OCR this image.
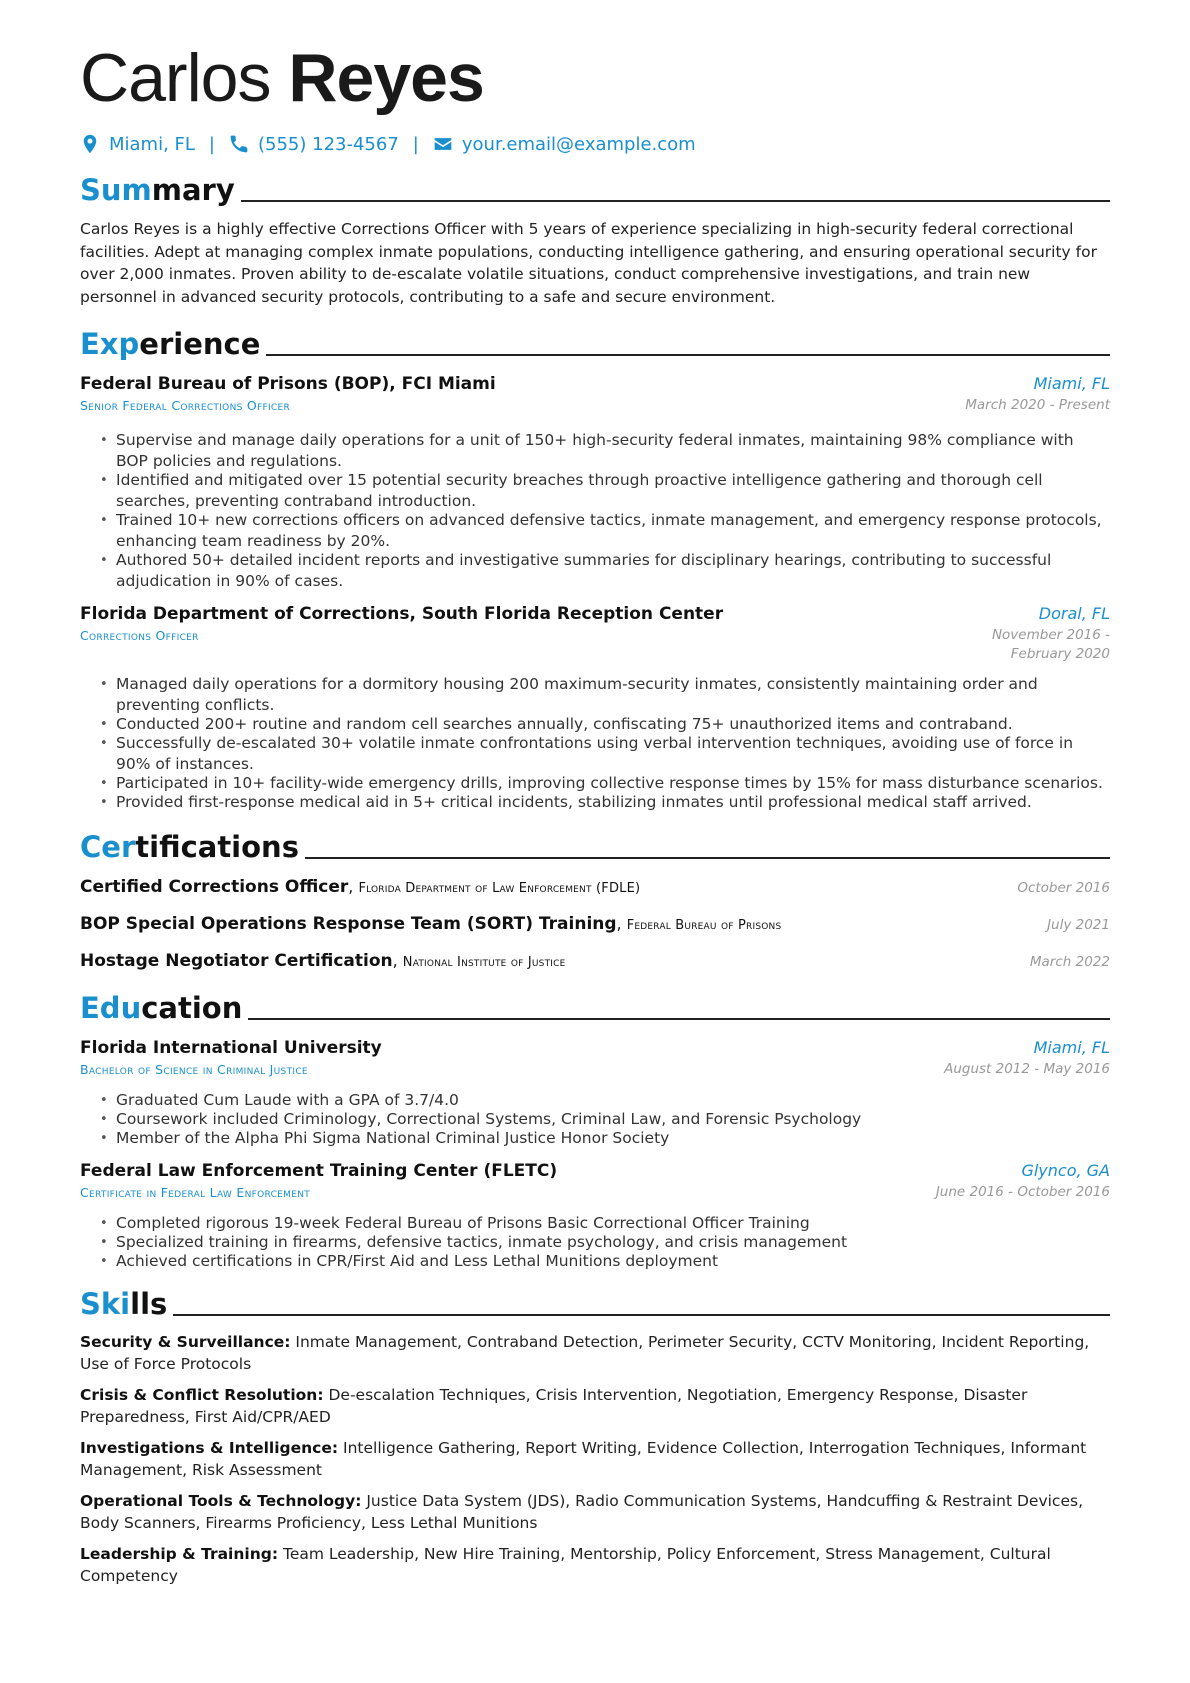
Carlos Reyes
Miami, FL | (555) 123-4567 | your.email@example.com
Summary

Carlos Reyes is a highly effective Corrections Officer with 5 years of experience specializing in high-security federal correctional facilities. Adept at managing complex inmate populations, conducting intelligence gathering, and ensuring operational security for over 2,000 inmates. Proven ability to de-escalate volatile situations, conduct comprehensive investigations, and train new personnel in advanced security protocols, contributing to a safe and secure environment.

Experience
Federal Bureau of Prisons (BOP), FCI Miami	Miami, FL
Senior Federal Corrections Officer	March 2020 - Present
• Supervise and manage daily operations for a unit of 150+ high-security federal inmates, maintaining 98% compliance with BOP policies and regulations.
• Identified and mitigated over 15 potential security breaches through proactive intelligence gathering and thorough cell searches, preventing contraband introduction.
• Trained 10+ new corrections officers on advanced defensive tactics, inmate management, and emergency response protocols, enhancing team readiness by 20%.
• Authored 50+ detailed incident reports and investigative summaries for disciplinary hearings, contributing to successful adjudication in 90% of cases.
Florida Department of Corrections, South Florida Reception Center	Doral, FL
Corrections Officer	November 2016 - February 2020
• Managed daily operations for a dormitory housing 200 maximum-security inmates, consistently maintaining order and preventing conflicts.
• Conducted 200+ routine and random cell searches annually, confiscating 75+ unauthorized items and contraband.
• Successfully de-escalated 30+ volatile inmate confrontations using verbal intervention techniques, avoiding use of force in 90% of instances.
• Participated in 10+ facility-wide emergency drills, improving collective response times by 15% for mass disturbance scenarios.
• Provided first-response medical aid in 5+ critical incidents, stabilizing inmates until professional medical staff arrived.
Certifications
Certified Corrections Officer, Florida Department of Law Enforcement (FDLE)	October 2016
BOP Special Operations Response Team (SORT) Training, Federal Bureau of Prisons	July 2021
Hostage Negotiator Certification, National Institute of Justice	March 2022
Education
Florida International University	Miami, FL
Bachelor of Science in Criminal Justice	August 2012 - May 2016
• Graduated Cum Laude with a GPA of 3.7/4.0
• Coursework included Criminology, Correctional Systems, Criminal Law, and Forensic Psychology
• Member of the Alpha Phi Sigma National Criminal Justice Honor Society
Federal Law Enforcement Training Center (FLETC)	Glynco, GA
Certificate in Federal Law Enforcement	June 2016 - October 2016
• Completed rigorous 19-week Federal Bureau of Prisons Basic Correctional Officer Training
• Specialized training in firearms, defensive tactics, inmate psychology, and crisis management
• Achieved certifications in CPR/First Aid and Less Lethal Munitions deployment
Skills
Security & Surveillance: Inmate Management, Contraband Detection, Perimeter Security, CCTV Monitoring, Incident Reporting, Use of Force Protocols
Crisis & Conflict Resolution: De-escalation Techniques, Crisis Intervention, Negotiation, Emergency Response, Disaster Preparedness, First Aid/CPR/AED
Investigations & Intelligence: Intelligence Gathering, Report Writing, Evidence Collection, Interrogation Techniques, Informant Management, Risk Assessment
Operational Tools & Technology: Justice Data System (JDS), Radio Communication Systems, Handcuffing & Restraint Devices, Body Scanners, Firearms Proficiency, Less Lethal Munitions
Leadership & Training: Team Leadership, New Hire Training, Mentorship, Policy Enforcement, Stress Management, Cultural Competency
